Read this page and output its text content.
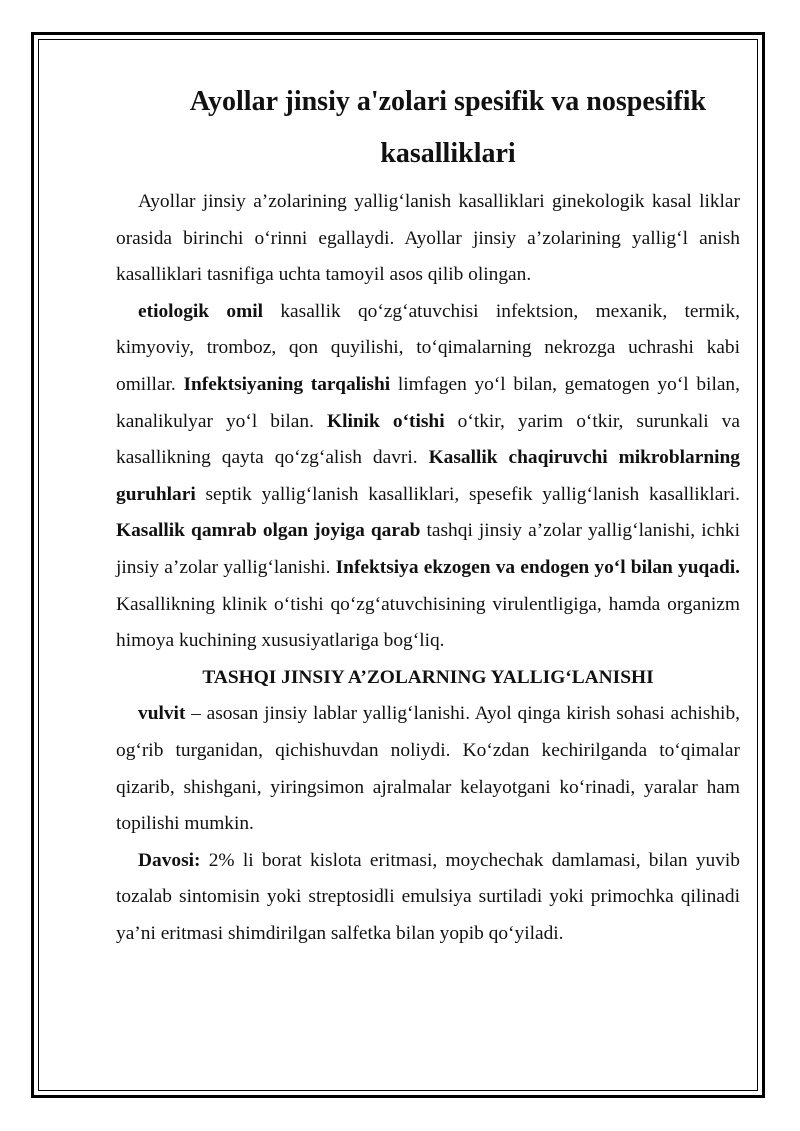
Ayollar jinsiy a'zolari spesifik va nospesifik kasalliklari

Ayollar jinsiy a’zolarining yallig‘lanish kasalliklari ginekologik kasal liklar orasida birinchi o‘rinni egallaydi. Ayollar jinsiy a’zolarining yallig‘l anish kasalliklari tasnifiga uchta tamoyil asos qilib olingan.

etiologik omil kasallik qo‘zg‘atuvchisi infektsion, mexanik, termik, kimyoviy, tromboz, qon quyilishi, to‘qimalarning nekrozga uchrashi kabi omillar. Infektsiyaning tarqalishi limfagen yo‘l bilan, gematogen yo‘l bilan, kanalikulyar yo‘l bilan. Klinik o‘tishi o‘tkir, yarim o‘tkir, surunkali va kasallikning qayta qo‘zg‘alish davri. Kasallik chaqiruvchi mikroblarning guruhlari septik yallig‘lanish kasalliklari, spesefik yallig‘lanish kasalliklari. Kasallik qamrab olgan joyiga qarab tashqi jinsiy a’zolar yallig‘lanishi, ichki jinsiy a’zolar yallig‘lanishi. Infektsiya ekzogen va endogen yo‘l bilan yuqadi. Kasallikning klinik o‘tishi qo‘zg‘atuvchisining virulentligiga, hamda organizm himoya kuchining xususiyatlariga bog‘liq.

TASHQI JINSIY A’ZOLARNING YALLIG‘LANISHI

vulvit – asosan jinsiy lablar yallig‘lanishi. Ayol qinga kirish sohasi achishib, og‘rib turganidan, qichishuvdan noliydi. Ko‘zdan kechirilganda to‘qimalar qizarib, shishgani, yiringsimon ajralmalar kelayotgani ko‘rinadi, yaralar ham topilishi mumkin.

Davosi: 2% li borat kislota eritmasi, moychechak damlamasi, bilan yuvib tozalab sintomisin yoki streptosidli emulsiya surtiladi yoki primochka qilinadi ya’ni eritmasi shimdirilgan salfetka bilan yopib qo‘yiladi.
